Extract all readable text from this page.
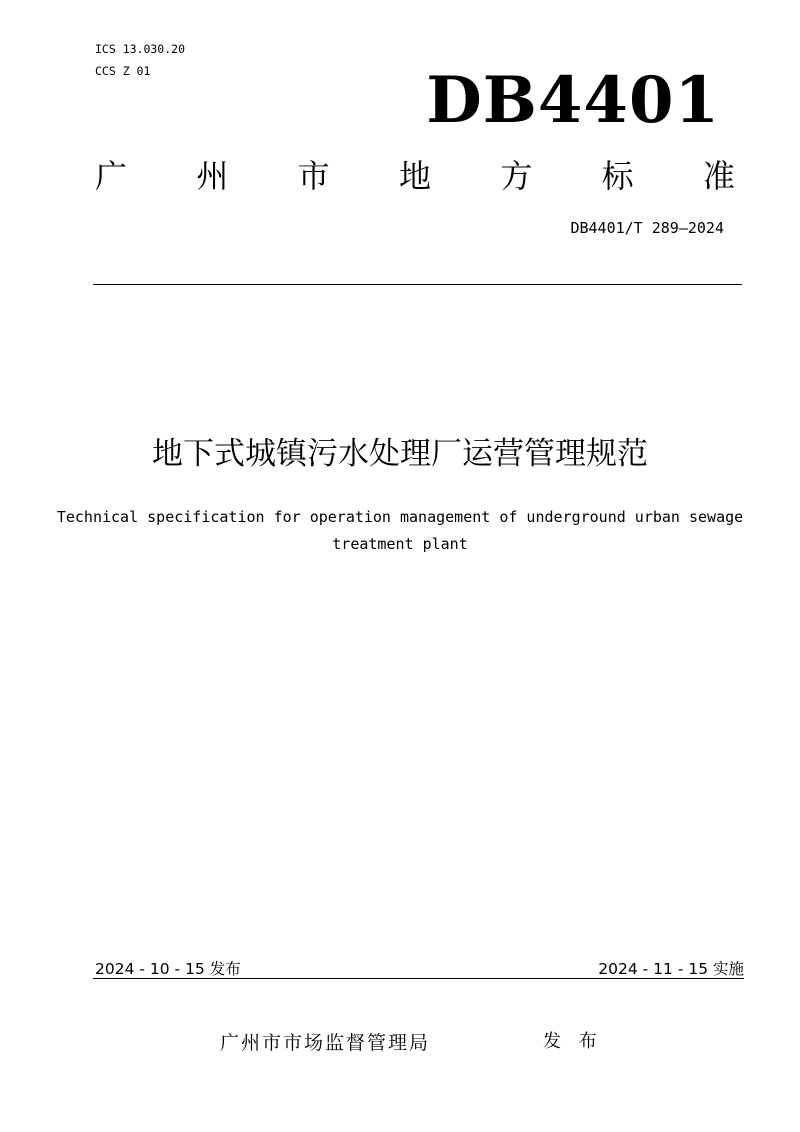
ICS 13.030.20
CCS Z 01	DB4401
广 州 市 地 方 标 准
DB4401/T 289—2024
地下式城镇污水处理厂运营管理规范
Technical specification for operation management of underground urban sewage treatment plant
2024 - 10 - 15 发布	2024 - 11 - 15 实施
广州市市场监督管理局	发 布
